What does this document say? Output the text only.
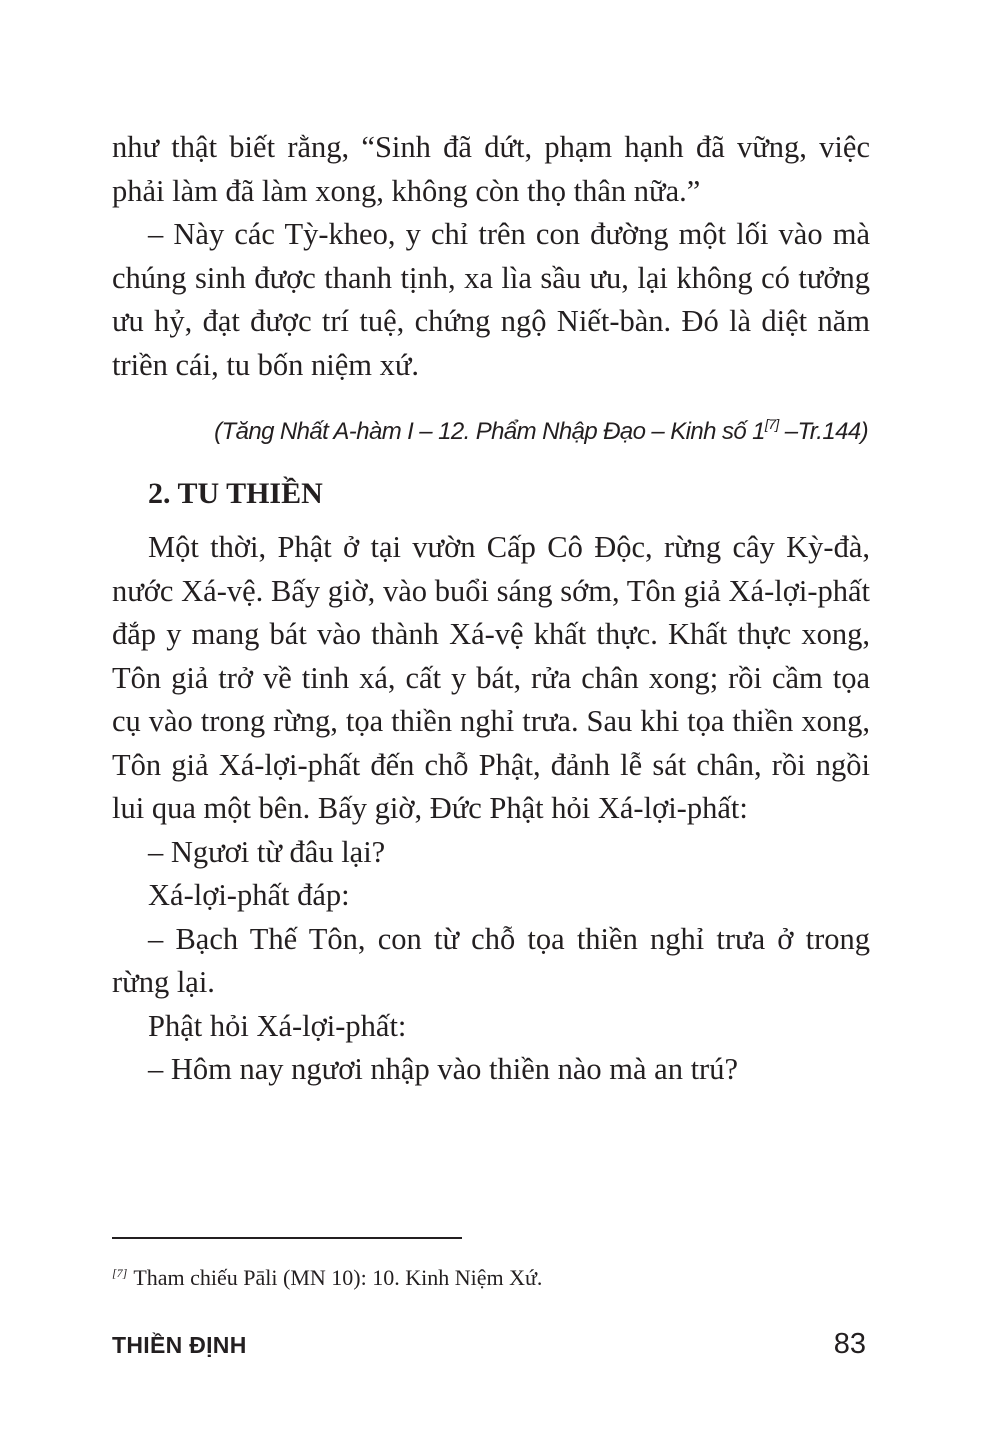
như thật biết rằng, “Sinh đã dứt, phạm hạnh đã vững, việc phải làm đã làm xong, không còn thọ thân nữa.”

– Này các Tỳ-kheo, y chỉ trên con đường một lối vào mà chúng sinh được thanh tịnh, xa lìa sầu ưu, lại không có tưởng ưu hỷ, đạt được trí tuệ, chứng ngộ Niết-bàn. Đó là diệt năm triền cái, tu bốn niệm xứ.

(Tăng Nhất A-hàm I – 12. Phẩm Nhập Đạo – Kinh số 1[7] –Tr.144)
2. TU THIỀN

Một thời, Phật ở tại vườn Cấp Cô Độc, rừng cây Kỳ-đà, nước Xá-vệ. Bấy giờ, vào buổi sáng sớm, Tôn giả Xá-lợi-phất đắp y mang bát vào thành Xá-vệ khất thực. Khất thực xong, Tôn giả trở về tinh xá, cất y bát, rửa chân xong; rồi cầm tọa cụ vào trong rừng, tọa thiền nghỉ trưa. Sau khi tọa thiền xong, Tôn giả Xá-lợi-phất đến chỗ Phật, đảnh lễ sát chân, rồi ngồi lui qua một bên. Bấy giờ, Đức Phật hỏi Xá-lợi-phất:

– Ngươi từ đâu lại?

Xá-lợi-phất đáp:

– Bạch Thế Tôn, con từ chỗ tọa thiền nghỉ trưa ở trong rừng lại.

Phật hỏi Xá-lợi-phất:

– Hôm nay ngươi nhập vào thiền nào mà an trú?

[7] Tham chiếu Pāli (MN 10): 10. Kinh Niệm Xứ.
THIỀN ĐỊNH	83
